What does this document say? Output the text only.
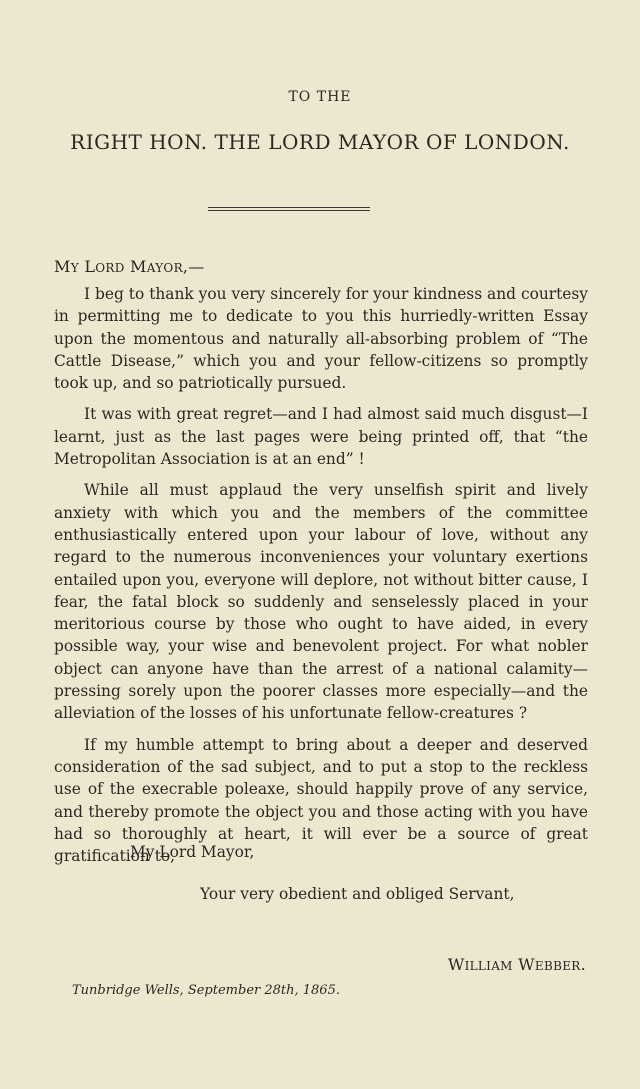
TO THE
RIGHT HON. THE LORD MAYOR OF LONDON.
MY LORD MAYOR,—

I beg to thank you very sincerely for your kindness and courtesy in permitting me to dedicate to you this hurriedly-written Essay upon the momentous and naturally all-absorbing problem of “The Cattle Disease,” which you and your fellow-citizens so promptly took up, and so patriotically pursued.

It was with great regret—and I had almost said much disgust—I learnt, just as the last pages were being printed off, that “the Metropolitan Association is at an end” !

While all must applaud the very unselfish spirit and lively anxiety with which you and the members of the committee enthusiastically entered upon your labour of love, without any regard to the numerous inconveniences your voluntary exertions entailed upon you, everyone will deplore, not without bitter cause, I fear, the fatal block so suddenly and senselessly placed in your meritorious course by those who ought to have aided, in every possible way, your wise and benevolent project. For what nobler object can anyone have than the arrest of a national calamity—pressing sorely upon the poorer classes more especially—and the alleviation of the losses of his unfortunate fellow-creatures ?

If my humble attempt to bring about a deeper and deserved consideration of the sad subject, and to put a stop to the reckless use of the execrable poleaxe, should happily prove of any service, and thereby promote the object you and those acting with you have had so thoroughly at heart, it will ever be a source of great gratification to,

My Lord Mayor,
Your very obedient and obliged Servant,
WILLIAM WEBBER.
Tunbridge Wells, September 28th, 1865.
